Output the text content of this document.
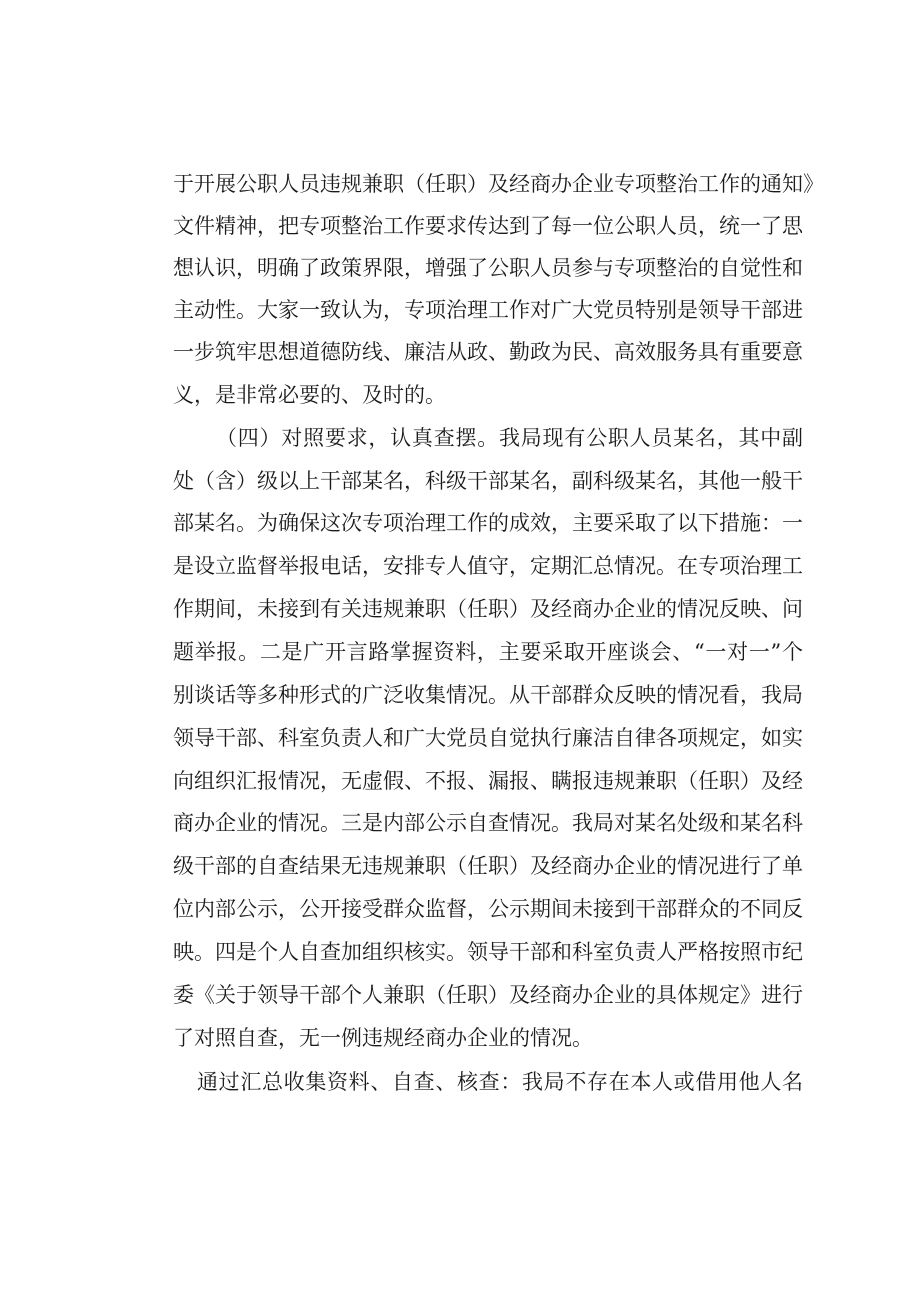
于开展公职人员违规兼职（任职）及经商办企业专项整治工作的通知》
文件精神，把专项整治工作要求传达到了每一位公职人员，统一了思
想认识，明确了政策界限，增强了公职人员参与专项整治的自觉性和
主动性。大家一致认为，专项治理工作对广大党员特别是领导干部进
一步筑牢思想道德防线、廉洁从政、勤政为民、高效服务具有重要意
义，是非常必要的、及时的。
（四）对照要求，认真查摆。我局现有公职人员某名，其中副
处（含）级以上干部某名，科级干部某名，副科级某名，其他一般干
部某名。为确保这次专项治理工作的成效，主要采取了以下措施：一
是设立监督举报电话，安排专人值守，定期汇总情况。在专项治理工
作期间，未接到有关违规兼职（任职）及经商办企业的情况反映、问
题举报。二是广开言路掌握资料，主要采取开座谈会、“一对一”个
别谈话等多种形式的广泛收集情况。从干部群众反映的情况看，我局
领导干部、科室负责人和广大党员自觉执行廉洁自律各项规定，如实
向组织汇报情况，无虚假、不报、漏报、瞒报违规兼职（任职）及经
商办企业的情况。三是内部公示自查情况。我局对某名处级和某名科
级干部的自查结果无违规兼职（任职）及经商办企业的情况进行了单
位内部公示，公开接受群众监督，公示期间未接到干部群众的不同反
映。四是个人自查加组织核实。领导干部和科室负责人严格按照市纪
委《关于领导干部个人兼职（任职）及经商办企业的具体规定》进行
了对照自查，无一例违规经商办企业的情况。
通过汇总收集资料、自查、核查：我局不存在本人或借用他人名
